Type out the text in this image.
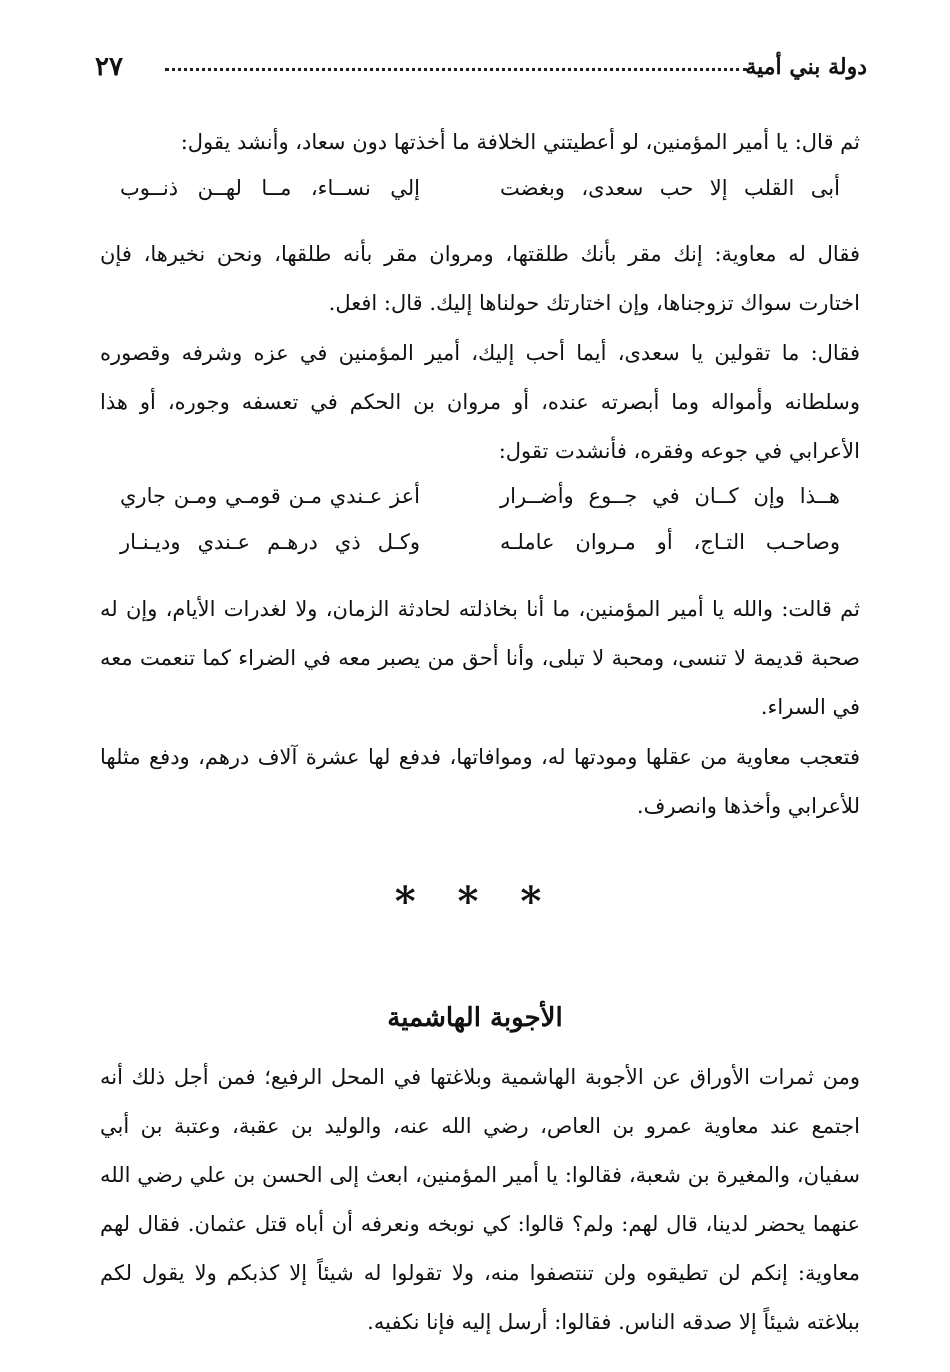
دولة بني أمية
٢٧

ثم قال: يا أمير المؤمنين، لو أعطيتني الخلافة ما أخذتها دون سعاد، وأنشد يقول:

أبى القلب إلا حب سعدى، وبغضت
إلي نســاء، مــا لهــن ذنــوب

فقال له معاوية: إنك مقر بأنك طلقتها، ومروان مقر بأنه طلقها، ونحن نخيرها، فإن اختارت سواك تزوجناها، وإن اختارتك حولناها إليك. قال: افعل.

فقال: ما تقولين يا سعدى، أيما أحب إليك، أمير المؤمنين في عزه وشرفه وقصوره وسلطانه وأمواله وما أبصرته عنده، أو مروان بن الحكم في تعسفه وجوره، أو هذا الأعرابي في جوعه وفقره، فأنشدت تقول:

هــذا وإن كــان في جــوع وأضــرار
أعز عـندي مـن قومـي ومـن جاري
وصاحـب التـاج، أو مـروان عاملـه
وكـل ذي درهـم عـندي وديـنـار

ثم قالت: والله يا أمير المؤمنين، ما أنا بخاذلته لحادثة الزمان، ولا لغدرات الأيام، وإن له صحبة قديمة لا تنسى، ومحبة لا تبلى، وأنا أحق من يصبر معه في الضراء كما تنعمت معه في السراء.

فتعجب معاوية من عقلها ومودتها له، وموافاتها، فدفع لها عشرة آلاف درهم، ودفع مثلها للأعرابي وأخذها وانصرف.

* * *
الأجوبة الهاشمية

ومن ثمرات الأوراق عن الأجوبة الهاشمية وبلاغتها في المحل الرفيع؛ فمن أجل ذلك أنه اجتمع عند معاوية عمرو بن العاص، رضي الله عنه، والوليد بن عقبة، وعتبة بن أبي سفيان، والمغيرة بن شعبة، فقالوا: يا أمير المؤمنين، ابعث إلى الحسن بن علي رضي الله عنهما يحضر لدينا، قال لهم: ولم؟ قالوا: كي نوبخه ونعرفه أن أباه قتل عثمان. فقال لهم معاوية: إنكم لن تطيقوه ولن تنتصفوا منه، ولا تقولوا له شيئاً إلا كذبكم ولا يقول لكم ببلاغته شيئاً إلا صدقه الناس. فقالوا: أرسل إليه فإنا نكفيه.
